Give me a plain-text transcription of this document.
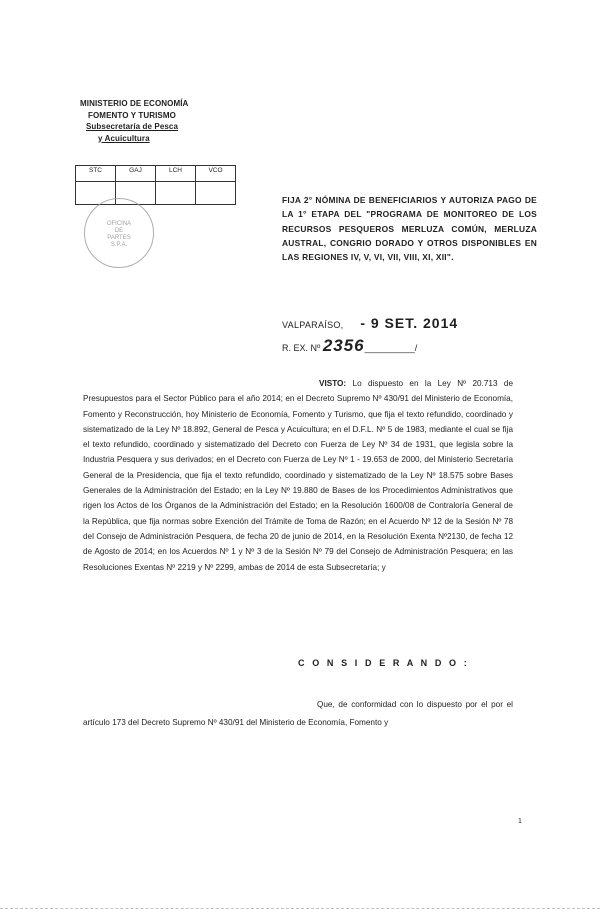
MINISTERIO DE ECONOMÍA
FOMENTO Y TURISMO
Subsecretaría de Pesca
y Acuicultura
STC	GAJ	LCH	VCO

OFICINA
DE
PARTES
S.P.A.
FIJA 2° NÓMINA DE BENEFICIARIOS Y AUTORIZA PAGO DE LA 1° ETAPA DEL "PROGRAMA DE MONITOREO DE LOS RECURSOS PESQUEROS MERLUZA COMÚN, MERLUZA AUSTRAL, CONGRIO DORADO Y OTROS DISPONIBLES EN LAS REGIONES IV, V, VI, VII, VIII, XI, XII".
VALPARAÍSO, - 9 SET. 2014
R. EX. Nº 2356__________/
VISTO: Lo dispuesto en la Ley Nº 20.713 de Presupuestos para el Sector Público para el año 2014; en el Decreto Supremo Nº 430/91 del Ministerio de Economía, Fomento y Reconstrucción, hoy Ministerio de Economía, Fomento y Turismo, que fija el texto refundido, coordinado y sistematizado de la Ley Nº 18.892, General de Pesca y Acuicultura; en el D.F.L. Nº 5 de 1983, mediante el cual se fija el texto refundido, coordinado y sistematizado del Decreto con Fuerza de Ley Nº 34 de 1931, que legisla sobre la Industria Pesquera y sus derivados; en el Decreto con Fuerza de Ley Nº 1 - 19.653 de 2000, del Ministerio Secretaría General de la Presidencia, que fija el texto refundido, coordinado y sistematizado de la Ley Nº 18.575 sobre Bases Generales de la Administración del Estado; en la Ley Nº 19.880 de Bases de los Procedimientos Administrativos que rigen los Actos de los Órganos de la Administración del Estado; en la Resolución 1600/08 de Contraloría General de la República, que fija normas sobre Exención del Trámite de Toma de Razón; en el Acuerdo Nº 12 de la Sesión Nº 78 del Consejo de Administración Pesquera, de fecha 20 de junio de 2014, en la Resolución Exenta Nº2130, de fecha 12 de Agosto de 2014; en los Acuerdos Nº 1 y Nº 3 de la Sesión Nº 79 del Consejo de Administración Pesquera; en las Resoluciones Exentas Nº 2219 y Nº 2299, ambas de 2014 de esta Subsecretaría; y
C O N S I D E R A N D O :
Que, de conformidad con lo dispuesto por el por el artículo 173 del Decreto Supremo Nº 430/91 del Ministerio de Economía, Fomento y
1
